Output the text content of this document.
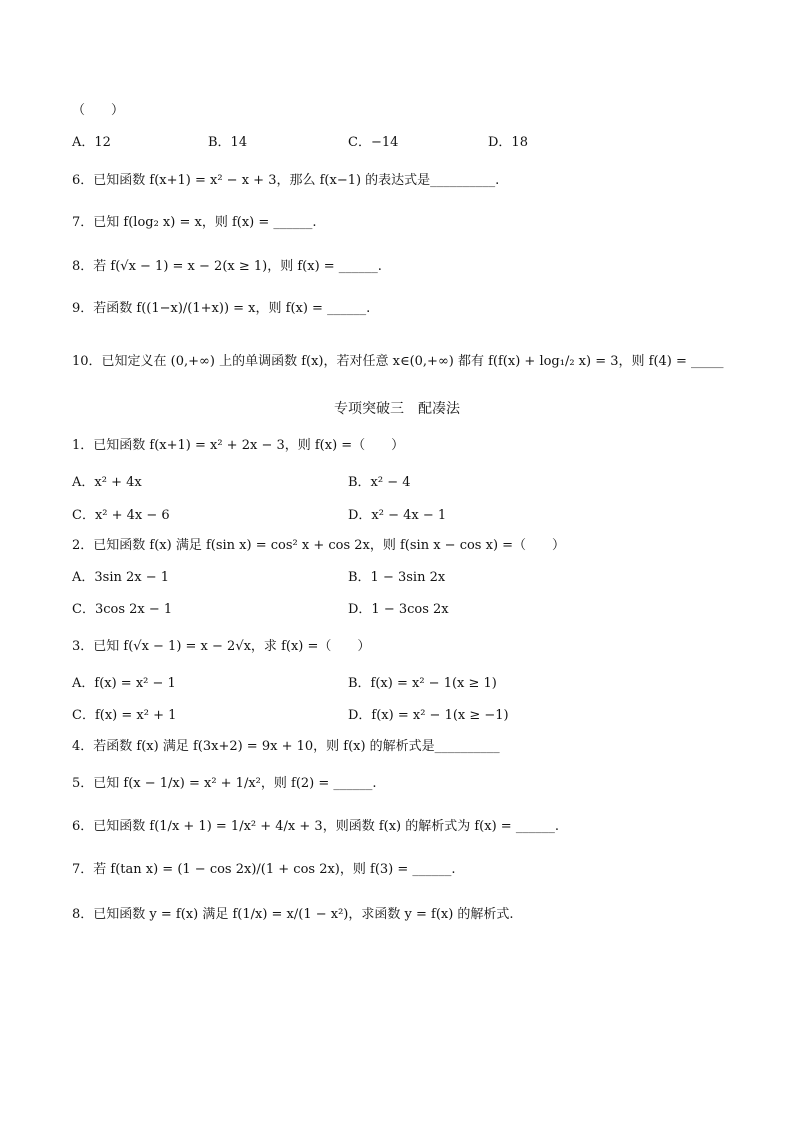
（　　）
A．12	B．14	C．−14	D．18
6．已知函数 f(x+1) = x² − x + 3，那么 f(x−1) 的表达式是__________.
7．已知 f(log₂ x) = x，则 f(x) = ______.
8．若 f(√x − 1) = x − 2(x ≥ 1)，则 f(x) = ______.
9．若函数 f((1−x)/(1+x)) = x，则 f(x) = ______.
10．已知定义在 (0,+∞) 上的单调函数 f(x)，若对任意 x∈(0,+∞) 都有 f(f(x) + log₁/₂ x) = 3，则 f(4) = _____
专项突破三　配凑法
1．已知函数 f(x+1) = x² + 2x − 3，则 f(x) =（　　）
A．x² + 4x	B．x² − 4
C．x² + 4x − 6	D．x² − 4x − 1
2．已知函数 f(x) 满足 f(sin x) = cos² x + cos 2x，则 f(sin x − cos x) =（　　）
A．3sin 2x − 1	B．1 − 3sin 2x
C．3cos 2x − 1	D．1 − 3cos 2x
3．已知 f(√x − 1) = x − 2√x，求 f(x) =（　　）
A．f(x) = x² − 1	B．f(x) = x² − 1(x ≥ 1)
C．f(x) = x² + 1	D．f(x) = x² − 1(x ≥ −1)
4．若函数 f(x) 满足 f(3x+2) = 9x + 10，则 f(x) 的解析式是__________
5．已知 f(x − 1/x) = x² + 1/x²，则 f(2) = ______.
6．已知函数 f(1/x + 1) = 1/x² + 4/x + 3，则函数 f(x) 的解析式为 f(x) = ______.
7．若 f(tan x) = (1 − cos 2x)/(1 + cos 2x)，则 f(3) = ______.
8．已知函数 y = f(x) 满足 f(1/x) = x/(1 − x²)，求函数 y = f(x) 的解析式.
